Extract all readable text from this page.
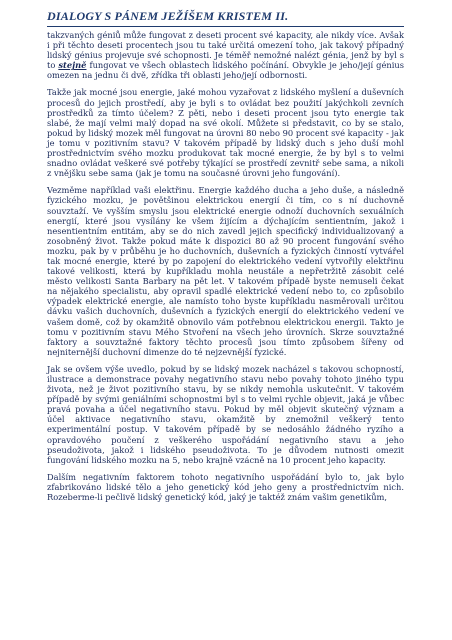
DIALOGY S PÁNEM JEŽÍŠEM KRISTEM II.

takzvaných géniů může fungovat z deseti procent své kapacity, ale nikdy více. Avšak i při těchto deseti procentech jsou tu také určitá omezení toho, jak takový případný lidský génius projevuje své schopnosti. Je téměř nemožné nalézt génia, jenž by byl s to stejně fungovat ve všech oblastech lidského počínání. Obvykle je jeho/její génius omezen na jednu či dvě, zřídka tři oblasti jeho/její odbornosti.

Takže jak mocné jsou energie, jaké mohou vyzařovat z lidského myšlení a duševních procesů do jejich prostředí, aby je byli s to ovládat bez použití jakýchkoli zevních prostředků za tímto účelem? Z pěti, nebo i deseti procent jsou tyto energie tak slabé, že mají velmi malý dopad na své okolí. Můžete si představit, co by se stalo, pokud by lidský mozek měl fungovat na úrovni 80 nebo 90 procent své kapacity - jak je tomu v pozitivním stavu? V takovém případě by lidský duch s jeho duší mohl prostřednictvím svého mozku produkovat tak mocné energie, že by byl s to velmi snadno ovládat veškeré své potřeby týkající se prostředí zevnitř sebe sama, a nikoli z vnějšku sebe sama (jak je tomu na současné úrovni jeho fungování).

Vezměme například vaši elektřinu. Energie každého ducha a jeho duše, a následně fyzického mozku, je povětšinou elektrickou energií či tím, co s ní duchovně souvztaží. Ve vyšším smyslu jsou elektrické energie odnoží duchovních sexuálních energií, které jsou vysílány ke všem žijícím a dýchajícím sentientním, jakož i nesentientním entitám, aby se do nich zavedl jejich specifický individualizovaný a zosobněný život. Takže pokud máte k dispozici 80 až 90 procent fungování svého mozku, pak by v průběhu je ho duchovních, duševních a fyzických činností vytvářel tak mocné energie, které by po zapojení do elektrického vedení vytvořily elektřinu takové velikosti, která by kupříkladu mohla neustále a nepřetržitě zásobit celé město velikosti Santa Barbary na pět let. V takovém případě byste nemuseli čekat na nějakého specialistu, aby opravil spadlé elektrické vedení nebo to, co způsobilo výpadek elektrické energie, ale namísto toho byste kupříkladu nasměrovali určitou dávku vašich duchovních, duševních a fyzických energií do elektrického vedení ve vašem domě, což by okamžitě obnovilo vám potřebnou elektrickou energii. Takto je tomu v pozitivním stavu Mého Stvoření na všech jeho úrovních. Skrze souvztažné faktory a souvztažné faktory těchto procesů jsou tímto způsobem šířeny od nejniternější duchovní dimenze do té nejzevnější fyzické.

Jak se ovšem výše uvedlo, pokud by se lidský mozek nacházel s takovou schopností, ilustrace a demonstrace povahy negativního stavu nebo povahy tohoto jiného typu života, než je život pozitivního stavu, by se nikdy nemohla uskutečnit. V takovém případě by svými geniálními schopnostmi byl s to velmi rychle objevit, jaká je vůbec pravá povaha a účel negativního stavu. Pokud by měl objevit skutečný význam a účel aktivace negativního stavu, okamžitě by znemožnil veškerý tento experimentální postup. V takovém případě by se nedosáhlo žádného ryzího a opravdového poučení z veškerého uspořádání negativního stavu a jeho pseudoživota, jakož i lidského pseudoživota. To je důvodem nutnosti omezit fungování lidského mozku na 5, nebo krajně vzácně na 10 procent jeho kapacity.

Dalším negativním faktorem tohoto negativního uspořádání bylo to, jak bylo zfabrikováno lidské tělo a jeho genetický kód jeho geny a prostřednictvím nich. Rozeberme-li pečlivě lidský genetický kód, jaký je taktéž znám vašim genetikům,
